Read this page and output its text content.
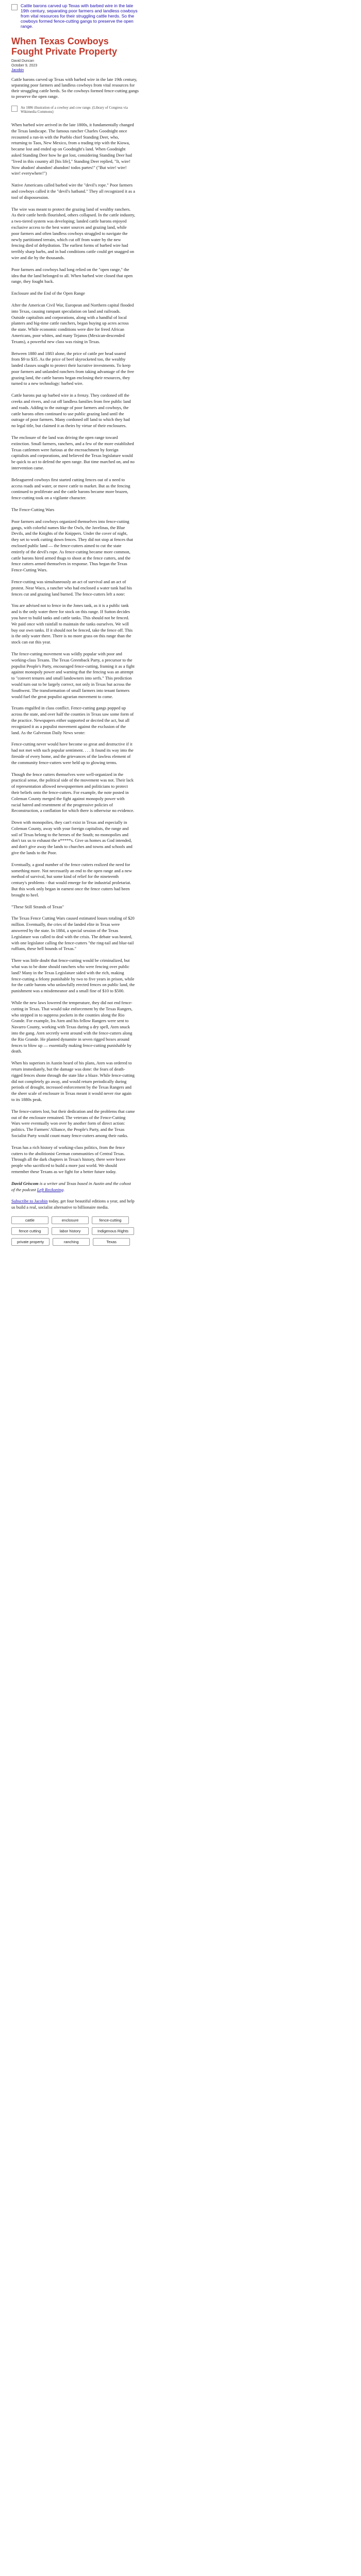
Cattle barons carved up Texas with barbed wire in the late 19th century, separating poor farmers and landless cowboys from vital resources for their struggling cattle herds. So the cowboys formed fence-cutting gangs to preserve the open range.
When Texas Cowboys Fought Private Property
David Duncan
October 9, 2023
Jacobin
Cattle barons carved up Texas with barbed wire in the late 19th century, separating poor farmers and landless cowboys from vital resources for their struggling cattle herds. So the cowboys formed fence-cutting gangs to preserve the open range.
An 1886 illustration of a cowboy and cow range. (Library of Congress via Wikimedia Commons)

When barbed wire arrived in the late 1800s, it fundamentally changed the Texas landscape. The famous rancher Charles Goodnight once recounted a run-in with the Pueblo chief Standing Deer, who, returning to Taos, New Mexico, from a trading trip with the Kiowa, became lost and ended up on Goodnight's land. When Goodnight asked Standing Deer how he got lost, considering Standing Deer had "lived in this country all [his life]," Standing Deer replied, "It, wire! Now abadon! abandon! abandon! todos partes!" ("But wire! wire! wire! everywhere!")

Native Americans called barbed wire the "devil's rope." Poor farmers and cowboys called it the "devil's hatband." They all recognized it as a tool of dispossession.

The wire was meant to protect the grazing land of wealthy ranchers. As their cattle herds flourished, others collapsed. In the cattle industry, a two-tiered system was developing; landed cattle barons enjoyed exclusive access to the best water sources and grazing land, while poor farmers and often landless cowboys struggled to navigate the newly partitioned terrain, which cut off from water by the new fencing died of dehydration. The earliest forms of barbed wire had terribly sharp barbs, and in bad conditions cattle could get snagged on wire and die by the thousands.

Poor farmers and cowboys had long relied on the "open range," the idea that the land belonged to all. When barbed wire closed that open range, they fought back.

Enclosure and the End of the Open Range

After the American Civil War, European and Northern capital flooded into Texas, causing rampant speculation on land and railroads. Outside capitalists and corporations, along with a handful of local planters and big-time cattle ranchers, began buying up acres across the state. While economic conditions were dire for freed African Americans, poor whites, and many Tejanos (Mexican-descended Texans), a powerful new class was rising in Texas.

Between 1880 and 1883 alone, the price of cattle per head soared from $9 to $35. As the price of beef skyrocketed too, the wealthy landed classes sought to protect their lucrative investments. To keep poor farmers and unlanded ranchers from taking advantage of the free grazing land, the cattle barons began enclosing their resources, they turned to a new technology: barbed wire.

Cattle barons put up barbed wire in a frenzy. They cordoned off the creeks and rivers, and cut off landless families from free public land and roads. Adding to the outrage of poor farmers and cowboys, the cattle barons often continued to use public grazing land until the outrage of poor farmers. Many cordoned off land to which they had no legal title, but claimed it as theirs by virtue of their enclosures.

The enclosure of the land was driving the open range toward extinction. Small farmers, ranchers, and a few of the more established Texas cattlemen were furious at the encroachment by foreign capitalists and corporations, and believed the Texas legislature would be quick to act to defend the open range. But time marched on, and no intervention came.

Beleaguered cowboys first started cutting fences out of a need to access roads and water, or move cattle to market. But as the fencing continued to proliferate and the cattle barons became more brazen, fence-cutting took on a vigilante character.

The Fence-Cutting Wars

Poor farmers and cowboys organized themselves into fence-cutting gangs, with colorful names like the Owls, the Javelinas, the Blue Devils, and the Knights of the Knippers. Under the cover of night, they set to work cutting down fences. They did not stop at fences that enclosed public land — the fence-cutters aimed to cut the state entirely of the devil's rope. As fence-cutting became more common, cattle barons hired armed thugs to shoot at the fence cutters, and the fence cutters armed themselves in response. Thus began the Texas Fence-Cutting Wars.

Fence-cutting was simultaneously an act of survival and an act of protest. Near Waco, a rancher who had enclosed a water tank had his fences cut and grazing land burned. The fence-cutters left a note:

You are advised not to fence in the Jones tank, as it is a public tank and is the only water there for stock on this range. If Sutton decides you have to build tanks and cattle tanks. This should not be fenced. We paid once with rainfall to maintain the tanks ourselves. We will buy our own tanks. If it should not be fenced, take the fence off. This is the only water there. There is no more grass on this range than the stock can eat this year.

The fence-cutting movement was wildly popular with poor and working-class Texans. The Texas Greenback Party, a precursor to the populist People's Party, encouraged fence-cutting, framing it as a fight against monopoly power and warning that the fencing was an attempt to "convert tenures and small landowners into serfs." This prediction would turn out to be largely correct, not only in Texas but across the Southwest. The transformation of small farmers into tenant farmers would fuel the great populist agrarian movement to come.

Texans engulfed in class conflict. Fence-cutting gangs popped up across the state, and over half the counties in Texas saw some form of the practice. Newspapers either supported or decried the act, but all recognized it as a populist movement against the exclusion of the land. As the Galveston Daily News wrote:

Fence-cutting never would have become so great and destructive if it had not met with such popular sentiment. . . . It found its way into the fireside of every home, and the grievances of the lawless element of the community fence-cutters were held up to glowing terms.

Though the fence cutters themselves were well-organized in the practical sense, the political side of the movement was not. Their lack of representation allowed newspapermen and politicians to protect their beliefs onto the fence-cutters. For example, the note posted in Coleman County merged the fight against monopoly power with racial hatred and resentment of the progressive policies of Reconstruction, a conflation for which there is otherwise no evidence.

Down with monopolies, they can't exist in Texas and especially in Coleman County, away with your foreign capitalists, the range and soil of Texas belong to the heroes of the South; no monopolies and don't tax us to exhaust the n*****s. Give us homes as God intended, and don't give away the lands to churches and towns and schools and give the lands to the Poor.

Eventually, a good number of the fence cutters realized the need for something more. Not necessarily an end to the open range and a new method of survival, but some kind of relief for the nineteenth century's problems - that would emerge for the industrial proletariat. But this work only began in earnest once the fence cutters had been brought to heel.

"These Still Strands of Texas"

The Texas Fence Cutting Wars caused estimated losses totaling of $20 million. Eventually, the cries of the landed elite in Texas were answered by the state. In 1884, a special session of the Texas Legislature was called to deal with the crisis. The debate was heated, with one legislator calling the fence-cutters "the ring-tail and blue-tail ruffians, these hell hounds of Texas."

There was little doubt that fence-cutting would be criminalized, but what was to be done should ranchers who were fencing over public land? Many in the Texas Legislature sided with the rich, making fence-cutting a felony punishable by two to five years in prison, while for the cattle barons who unlawfully erected fences on public land, the punishment was a misdemeanor and a small fine of $10 to $500.

While the new laws lowered the temperature, they did not end fence-cutting in Texas. That would take enforcement by the Texas Rangers, who stepped in to suppress pockets in the counties along the Rio Grande. For example, Ira Aten and his fellow Rangers were sent to Navarro County, working with Texas during a dry spell, Aten snuck into the gang. Aten secretly went around with the fence-cutters along the Rio Grande. He planted dynamite in seven rigged boxes around fences to blow up — essentially making fence-cutting punishable by death.

When his superiors in Austin heard of his plans, Aten was ordered to return immediately, but the damage was done: the fears of death-rigged fences shone through the state like a blaze. While fence-cutting did not completely go away, and would return periodically during periods of drought, increased enforcement by the Texas Rangers and the sheer scale of enclosure in Texas meant it would never rise again to its 1880s peak.

The fence-cutters lost, but their dedication and the problems that came out of the enclosure remained. The veterans of the Fence-Cutting Wars were eventually won over by another form of direct action: politics. The Farmers' Alliance, the People's Party, and the Texas Socialist Party would count many fence-cutters among their ranks.

Texas has a rich history of working-class politics, from the fence cutters to the abolitionist German communities of Central Texas. Through all the dark chapters in Texas's history, there were brave people who sacrificed to build a more just world. We should remember these Texans as we fight for a better future today.

David Griscom is a writer and Texas based in Austin and the cohost of the podcast Left Reckoning.

Subscribe to Jacobin today, get four beautiful editions a year, and help us build a real, socialist alternative to billionaire media.

cattle	enclosure	fence-cutting
fence cutting	labor history	Indigenous Rights
private property	ranching	Texas
